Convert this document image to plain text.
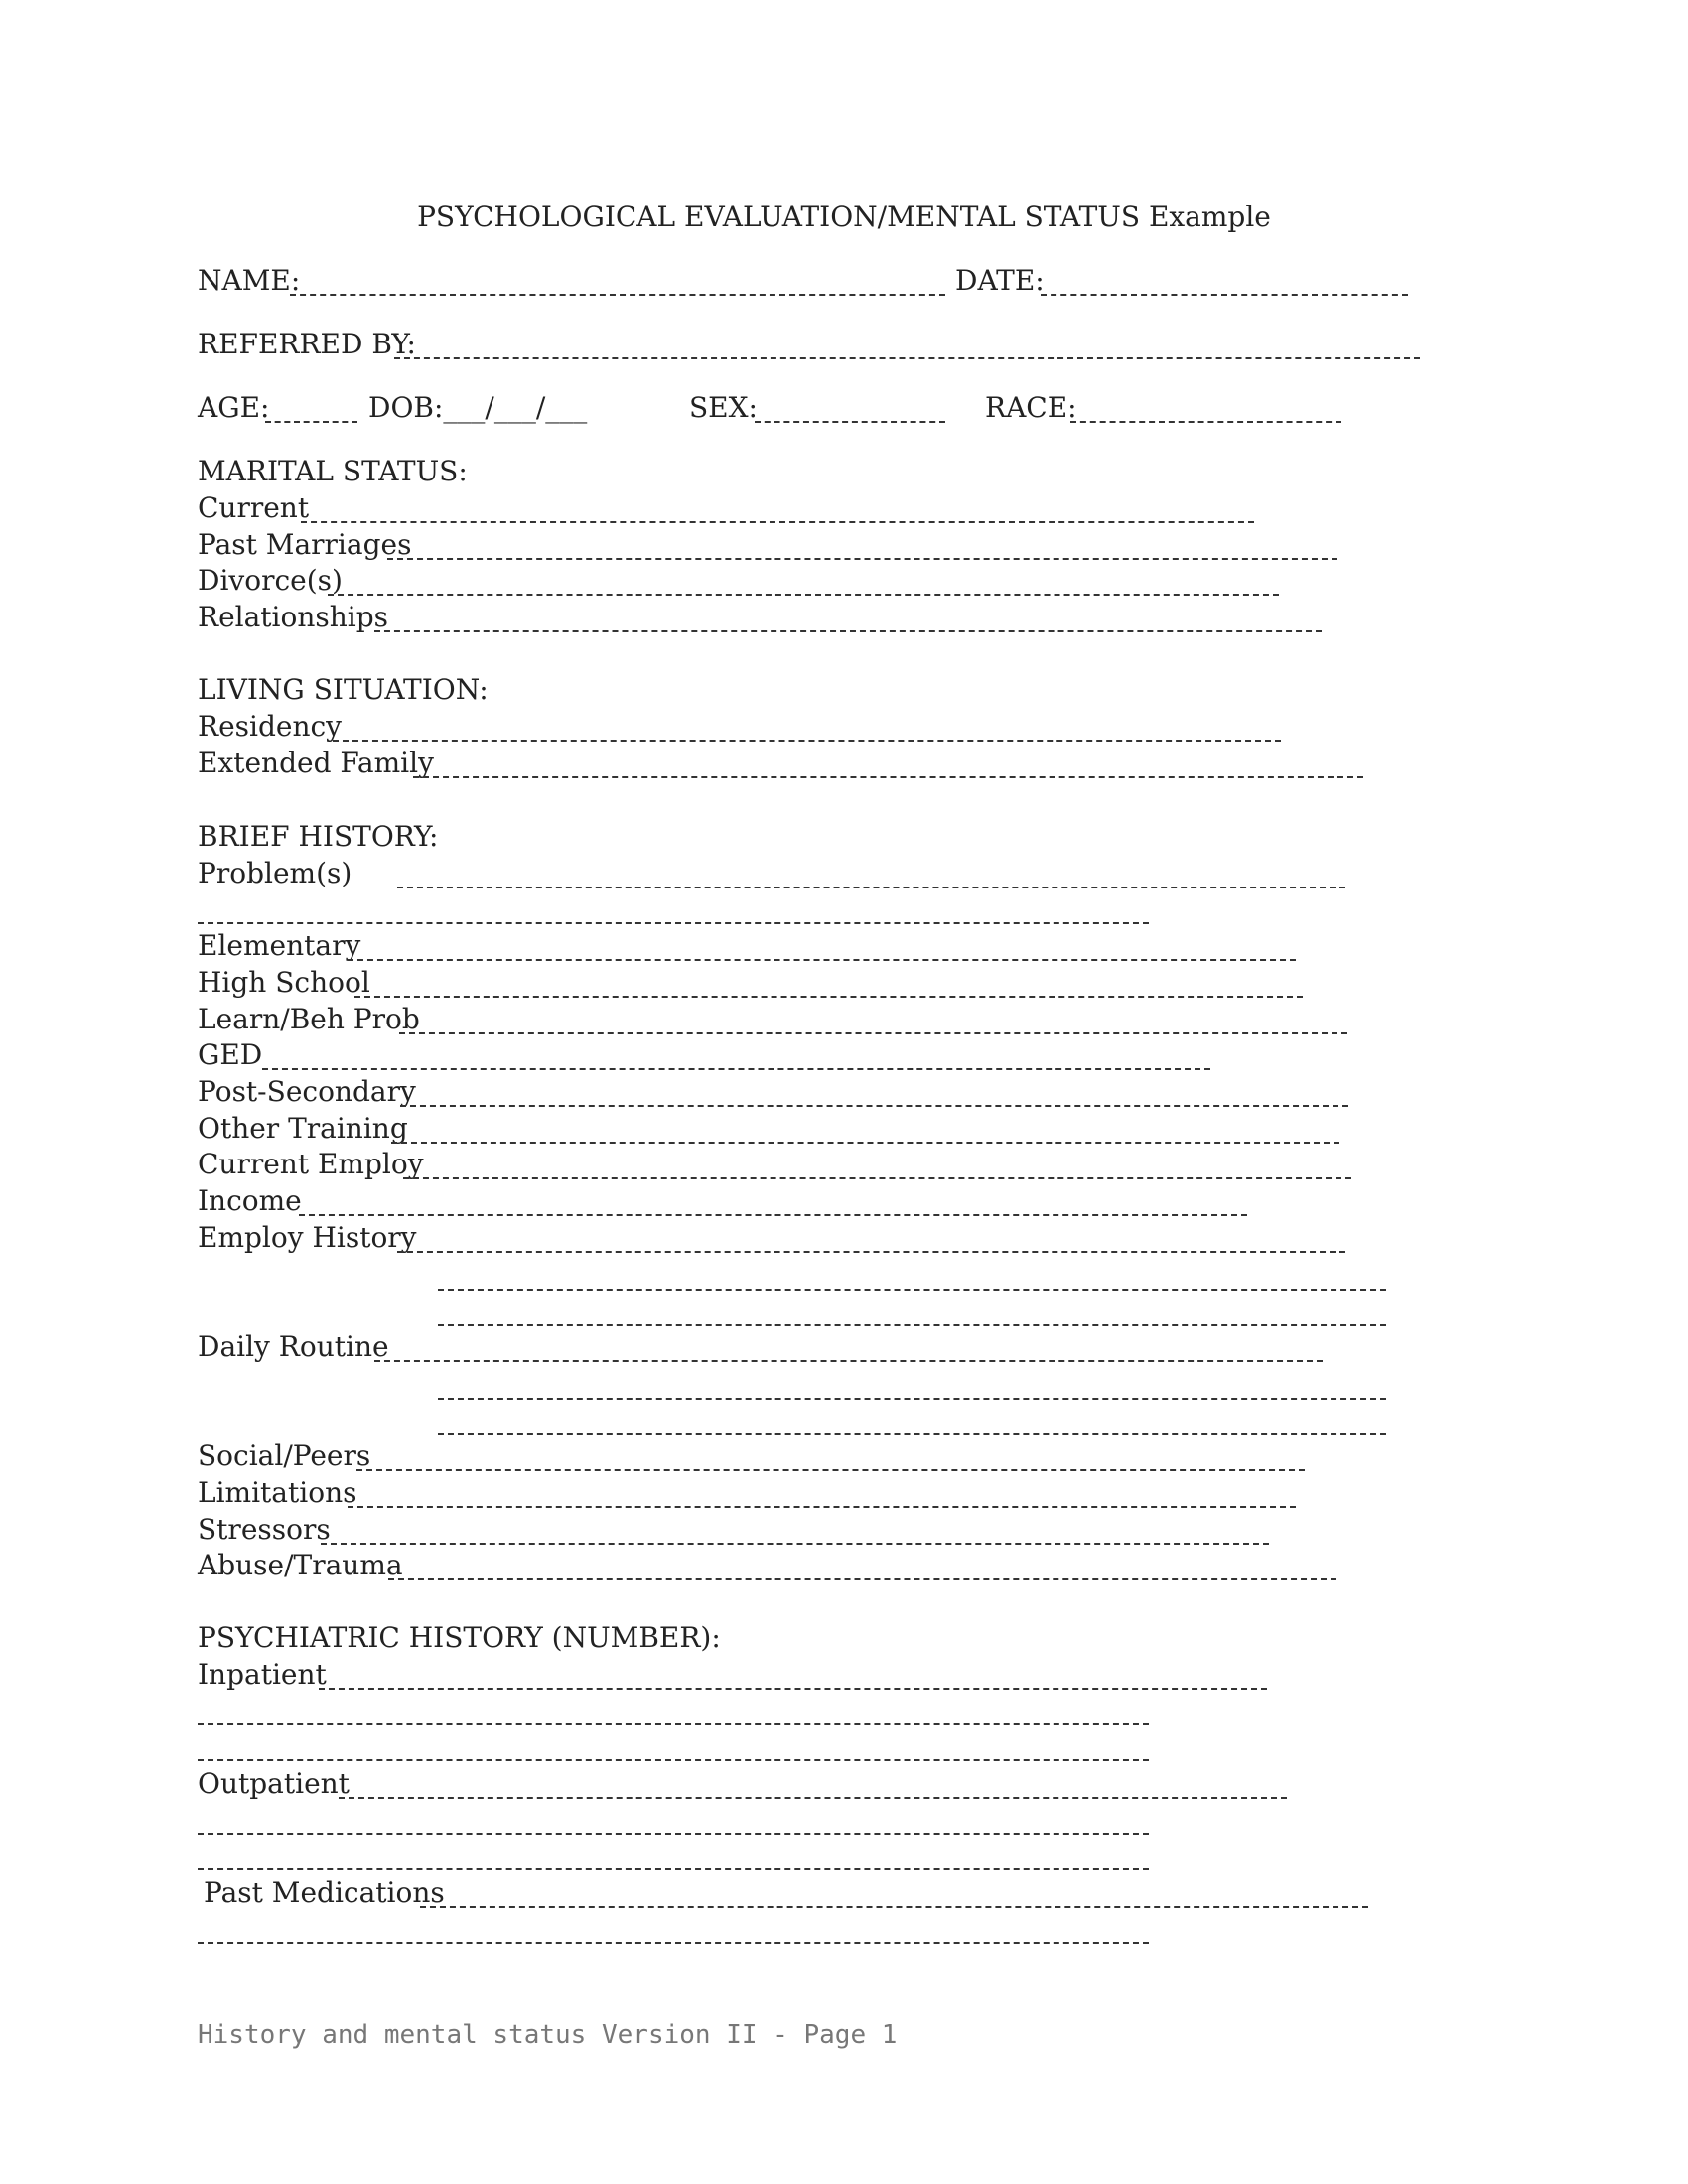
PSYCHOLOGICAL EVALUATION/MENTAL STATUS Example
NAME:	DATE:
REFERRED BY:
AGE:	DOB:___/___/___	SEX:	RACE:
MARITAL STATUS:
Current
Past Marriages
Divorce(s)
Relationships
LIVING SITUATION:
Residency
Extended Family
BRIEF HISTORY:
Problem(s)
Elementary
High School
Learn/Beh Prob
GED
Post-Secondary
Other Training
Current Employ
Income
Employ History
Daily Routine
Social/Peers
Limitations
Stressors
Abuse/Trauma
PSYCHIATRIC HISTORY (NUMBER):
Inpatient
Outpatient
Past Medications
History and mental status Version II - Page 1
